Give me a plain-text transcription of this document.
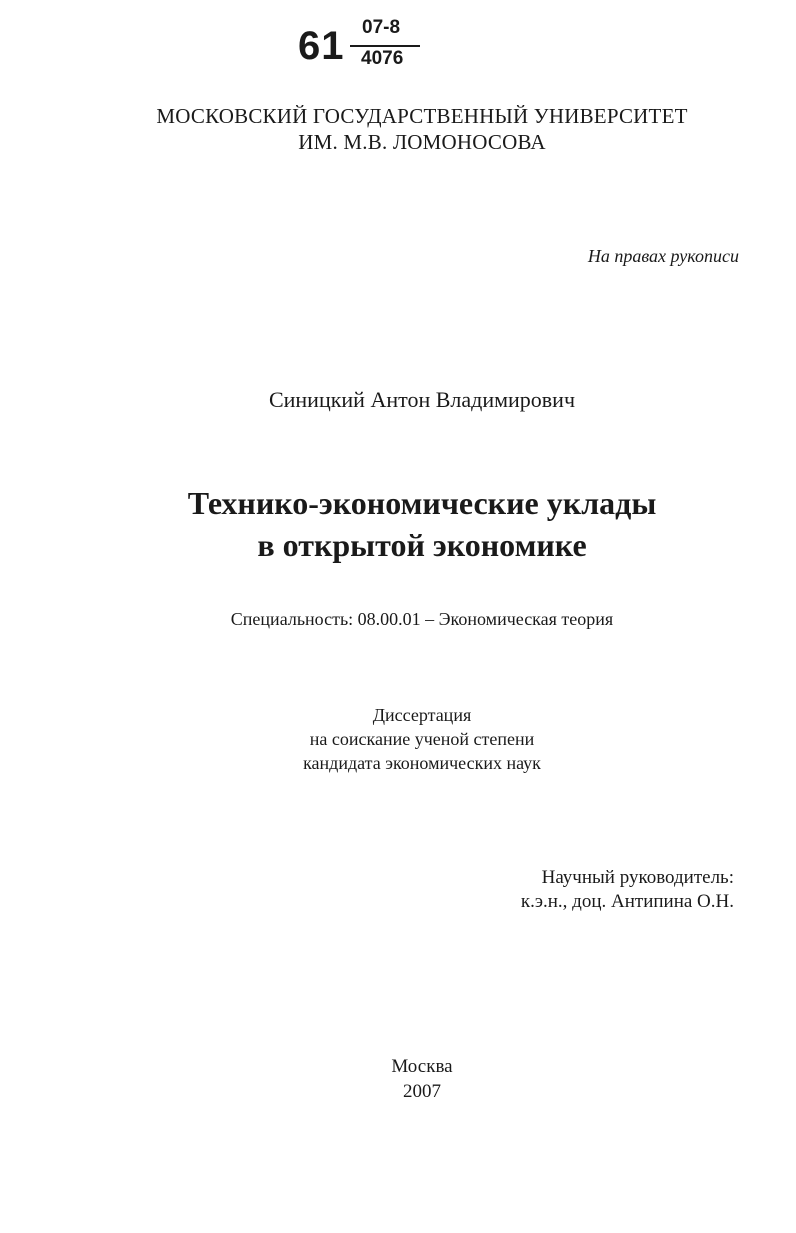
61 07-8
4076
МОСКОВСКИЙ ГОСУДАРСТВЕННЫЙ УНИВЕРСИТЕТ
ИМ. М.В. ЛОМОНОСОВА
На правах рукописи
Синицкий Антон Владимирович
Технико-экономические уклады
в открытой экономике
Специальность: 08.00.01 – Экономическая теория
Диссертация
на соискание ученой степени
кандидата экономических наук
Научный руководитель:
к.э.н., доц. Антипина О.Н.
Москва
2007
